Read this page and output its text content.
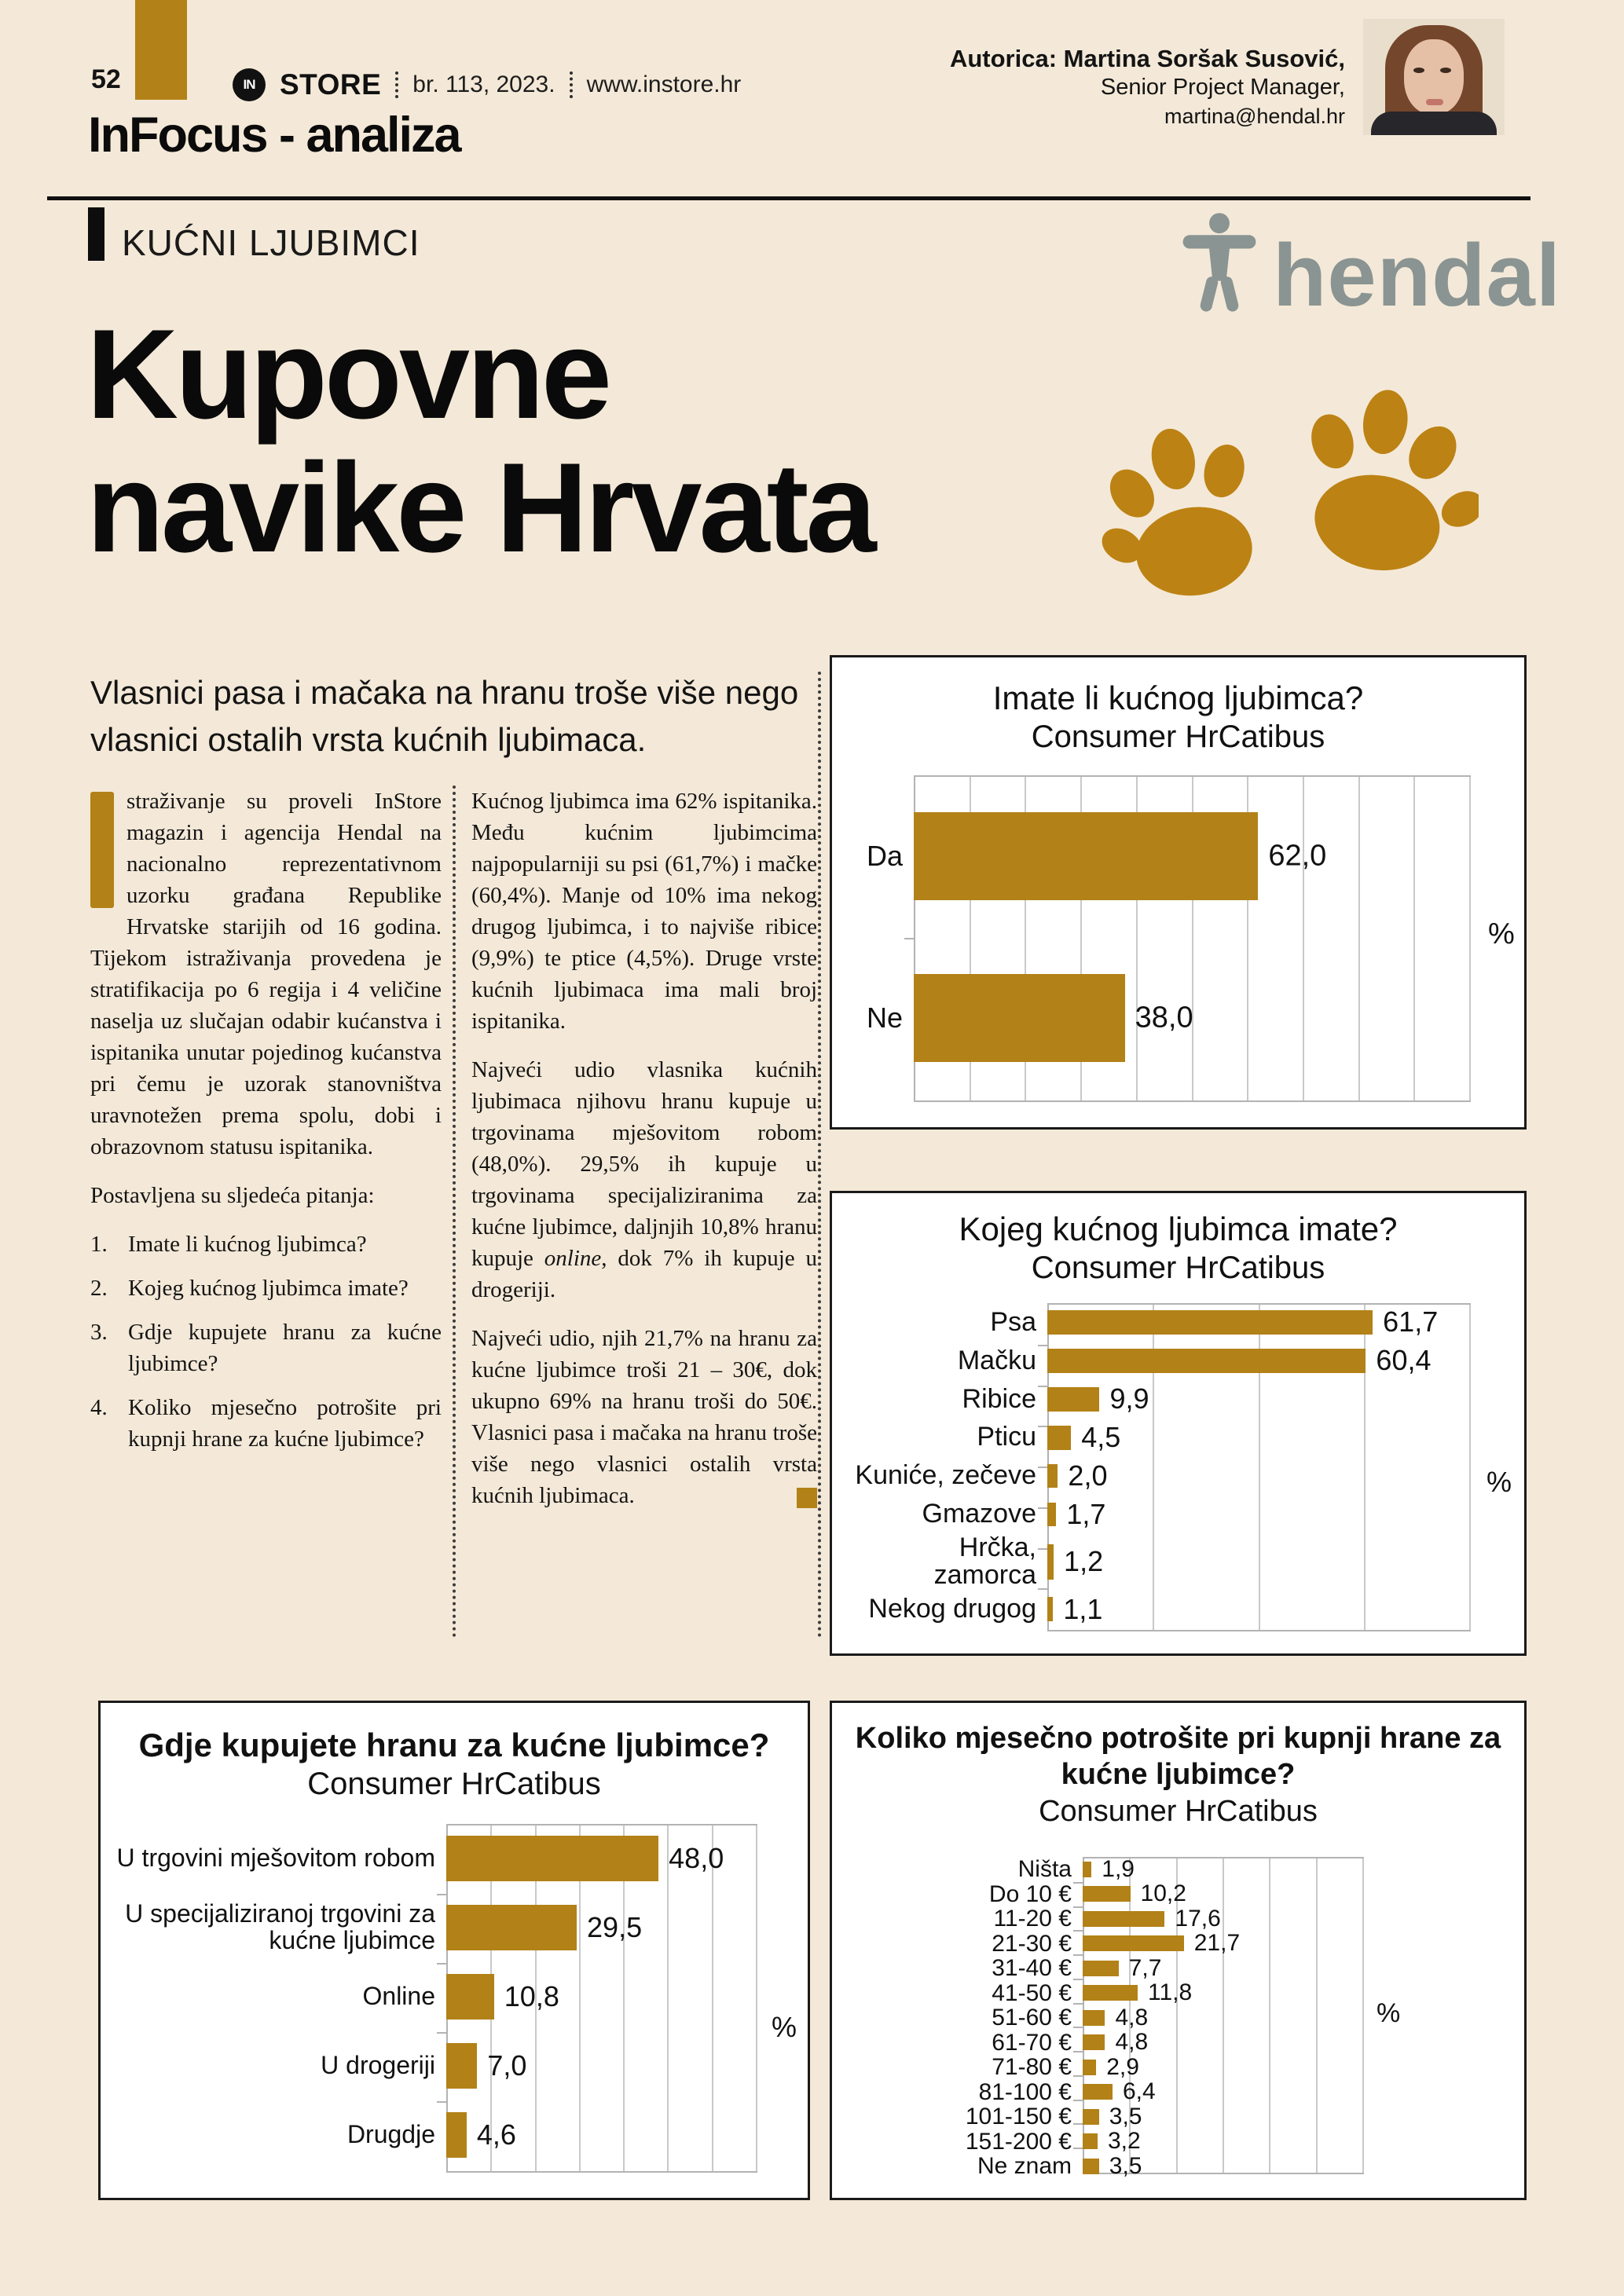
52	IN STORE br. 113, 2023. www.instore.hr
InFocus - analiza
Autorica: Martina Soršak Susović,
Senior Project Manager,
martina@hendal.hr
KUĆNI LJUBIMCI	hendal
Kupovne
navike Hrvata
Vlasnici pasa i mačaka na hranu troše više nego vlasnici ostalih vrsta kućnih ljubimaca.

straživanje su proveli InStore magazin i agencija Hendal na nacionalno reprezentativnom uzorku građana Republike Hrvatske starijih od 16 godina. Tijekom istraživanja provedena je stratifikacija po 6 regija i 4 veličine naselja uz slučajan odabir kućanstva i ispitanika unutar pojedinog kućanstva pri čemu je uzorak stanovništva uravnotežen prema spolu, dobi i obrazovnom statusu ispitanika.

Postavljena su sljedeća pitanja:

1. Imate li kućnog ljubimca?
2. Kojeg kućnog ljubimca imate?
3. Gdje kupujete hranu za kućne ljubimce?
4. Koliko mjesečno potrošite pri kupnji hrane za kućne ljubimce?

Kućnog ljubimca ima 62% ispitanika. Među kućnim ljubimcima najpopularniji su psi (61,7%) i mačke (60,4%). Manje od 10% ima nekog drugog ljubimca, i to najviše ribice (9,9%) te ptice (4,5%). Druge vrste kućnih ljubimaca ima mali broj ispitanika.

Najveći udio vlasnika kućnih ljubimaca njihovu hranu kupuje u trgovinama mješovitom robom (48,0%). 29,5% ih kupuje u trgovinama specijaliziranima za kućne ljubimce, daljnjih 10,8% hranu kupuje online, dok 7% ih kupuje u drogeriji.

Najveći udio, njih 21,7% na hranu za kućne ljubimce troši 21 – 30€, dok ukupno 69% na hranu troši do 50€. Vlasnici pasa i mačaka na hranu troše više nego vlasnici ostalih vrsta kućnih ljubimaca.

Imate li kućnog ljubimca?
Consumer HrCatibus
Da	62,0
Ne	38,0
%
Kojeg kućnog ljubimca imate?
Consumer HrCatibus
Psa	61,7
Mačku	60,4
Ribice	9,9
Pticu	4,5
Kuniće, zečeve	2,0
Gmazove	1,7
Hrčka, zamorca 1,2
Nekog drugog 1,1
%
Gdje kupujete hranu za kućne ljubimce?
Consumer HrCatibus
U trgovini mješovitom robom	48,0
U specijaliziranoj trgovini za kućne ljubimce	29,5
Online	10,8
U drogeriji	7,0
Drugdje	4,6
%
Koliko mjesečno potrošite pri kupnji hrane za kućne ljubimce?
Consumer HrCatibus
Ništa	1,9
Do 10 €	10,2
11-20 €	17,6
21-30 €	21,7
31-40 €	7,7
41-50 €	11,8
51-60 €	4,8
61-70 €	4,8
71-80 €	2,9
81-100 €	6,4
101-150 €	3,5
151-200 €	3,2
Ne znam	3,5
%
